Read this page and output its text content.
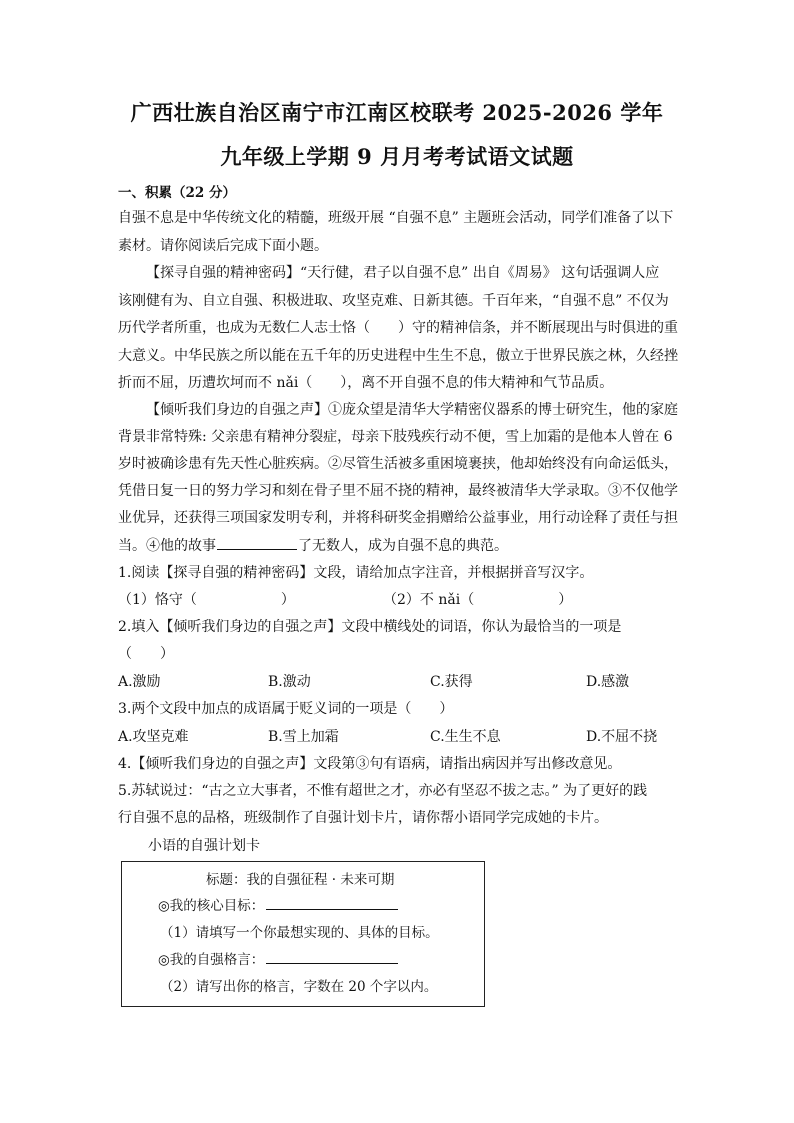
广西壮族自治区南宁市江南区校联考 2025-2026 学年
九年级上学期 9 月月考考试语文试题
一、积累（22 分）
自强不息是中华传统文化的精髓，班级开展 “自强不息” 主题班会活动，同学们准备了以下
素材。请你阅读后完成下面小题。
【探寻自强的精神密码】“天行健，君子以自强不息” 出自《周易》 这句话强调人应
该刚健有为、自立自强、积极进取、攻坚克难、日新其德。千百年来，“自强不息” 不仅为
历代学者所重，也成为无数仁人志士恪（　　）守的精神信条，并不断展现出与时俱进的重
大意义。中华民族之所以能在五千年的历史进程中生生不息，傲立于世界民族之林，久经挫
折而不屈，历遭坎坷而不 nǎi（　　），离不开自强不息的伟大精神和气节品质。
【倾听我们身边的自强之声】①庞众望是清华大学精密仪器系的博士研究生，他的家庭
背景非常特殊: 父亲患有精神分裂症，母亲下肢残疾行动不便，雪上加霜的是他本人曾在 6
岁时被确诊患有先天性心脏疾病。②尽管生活被多重困境裹挟，他却始终没有向命运低头，
凭借日复一日的努力学习和刻在骨子里不屈不挠的精神，最终被清华大学录取。③不仅他学
业优异，还获得三项国家发明专利，并将科研奖金捐赠给公益事业，用行动诠释了责任与担
当。④他的故事	了无数人，成为自强不息的典范。
1.阅读【探寻自强的精神密码】文段，请给加点字注音，并根据拼音写汉字。
（1）恪守（　　　　　　）	（2）不 nǎi（　　　　　　）
2.填入【倾听我们身边的自强之声】文段中横线处的词语，你认为最恰当的一项是
（　　）
A.激励	B.激动	C.获得	D.感激
3.两个文段中加点的成语属于贬义词的一项是（　　）
A.攻坚克难	B.雪上加霜	C.生生不息	D.不屈不挠
4.【倾听我们身边的自强之声】文段第③句有语病，请指出病因并写出修改意见。
5.苏轼说过：“古之立大事者，不惟有超世之才，亦必有坚忍不拔之志。” 为了更好的践
行自强不息的品格，班级制作了自强计划卡片，请你帮小语同学完成她的卡片。
小语的自强计划卡
标题：我的自强征程 · 未来可期
◎我的核心目标：
（1）请填写一个你最想实现的、具体的目标。
◎我的自强格言：
（2）请写出你的格言，字数在 20 个字以内。
